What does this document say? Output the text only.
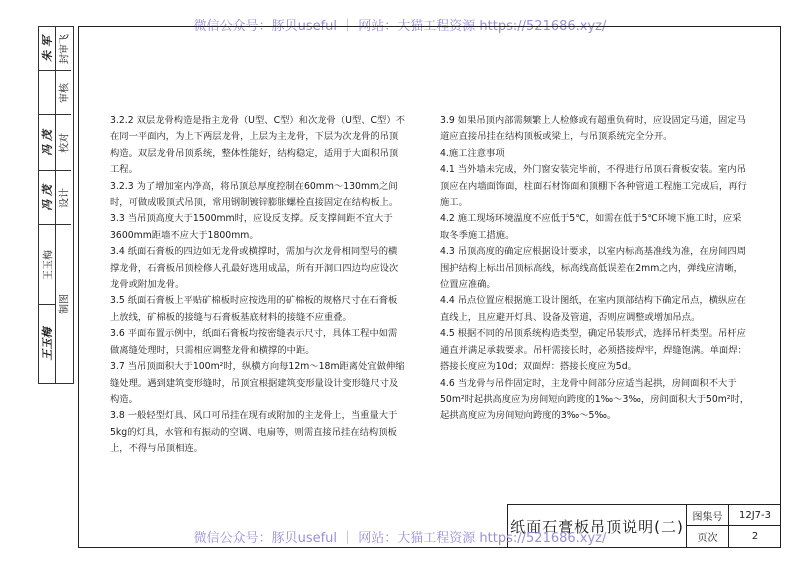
微信公众号：豚贝useful ｜ 网站：大猫工程资源 https://521686.xyz/
朱 军
冯 茂
冯 茂
王玉梅
王玉梅
封审飞
审核
校对
设计
制图

3.2.2 双层龙骨构造是指主龙骨（U型、C型）和次龙骨（U型、C型）不在同一平面内，为上下两层龙骨，上层为主龙骨，下层为次龙骨的吊顶构造。双层龙骨吊顶系统，整体性能好，结构稳定，适用于大面积吊顶工程。

3.2.3 为了增加室内净高，将吊顶总厚度控制在60mm～130mm之间时，可做成吸顶式吊顶，常用钢制镀锌膨胀螺栓直接固定在结构板上。

3.3 当吊顶高度大于1500mm时，应设反支撑。反支撑间距不宜大于3600mm距墙不应大于1800mm。

3.4 纸面石膏板的四边如无龙骨或横撑时，需加与次龙骨相同型号的横撑龙骨，石膏板吊顶检修人孔最好选用成品，所有开洞口四边均应设次龙骨或附加龙骨。

3.5 纸面石膏板上平贴矿棉板时应按选用的矿棉板的规格尺寸在石膏板上放线，矿棉板的接缝与石膏板基底材料的接缝不应重叠。

3.6 平面布置示例中，纸面石膏板均按密缝表示尺寸，具体工程中如需做离缝处理时，只需相应调整龙骨和横撑的中距。

3.7 当吊顶面积大于100m²时，纵横方向每12m～18m距离处宜做伸缩缝处理。遇到建筑变形缝时，吊顶宜根据建筑变形量设计变形缝尺寸及构造。

3.8 一般轻型灯具、风口可吊挂在现有或附加的主龙骨上，当重量大于5kg的灯具，水管和有振动的空调、电扇等，则需直接吊挂在结构顶板上，不得与吊顶相连。

3.9 如果吊顶内部需频繁上人检修或有超重负荷时，应设固定马道，固定马道应直接吊挂在结构顶板或梁上，与吊顶系统完全分开。

4.施工注意事项

4.1 当外墙未完成，外门窗安装完毕前，不得进行吊顶石膏板安装。室内吊顶应在内墙面饰面，柱面石材饰面和顶棚下各种管道工程施工完成后，再行施工。

4.2 施工现场环境温度不应低于5℃，如需在低于5℃环境下施工时，应采取冬季施工措施。

4.3 吊顶高度的确定应根据设计要求，以室内标高基准线为准，在房间四周围护结构上标出吊顶标高线，标高线高低误差在2mm之内，弹线应清晰，位置应准确。

4.4 吊点位置应根据施工设计图纸，在室内顶部结构下确定吊点，横纵应在直线上，且应避开灯具、设备及管道，否则应调整或增加吊点。

4.5 根据不同的吊顶系统构造类型，确定吊装形式，选择吊杆类型。吊杆应通直并满足承载要求。吊杆需接长时，必须搭接焊牢，焊缝饱满。单面焊：搭接长度应为10d；双面焊：搭接长度应为5d。

4.6 当龙骨与吊件固定时，主龙骨中间部分应适当起拱，房间面积不大于50m²时起拱高度应为房间短向跨度的1‰～3‰，房间面积大于50m²时，起拱高度应为房间短向跨度的3‰～5‰。

纸面石膏板吊顶说明(二)
图集号	12J7-3
页次	2
微信公众号：豚贝useful ｜ 网站：大猫工程资源 https://521686.xyz/
